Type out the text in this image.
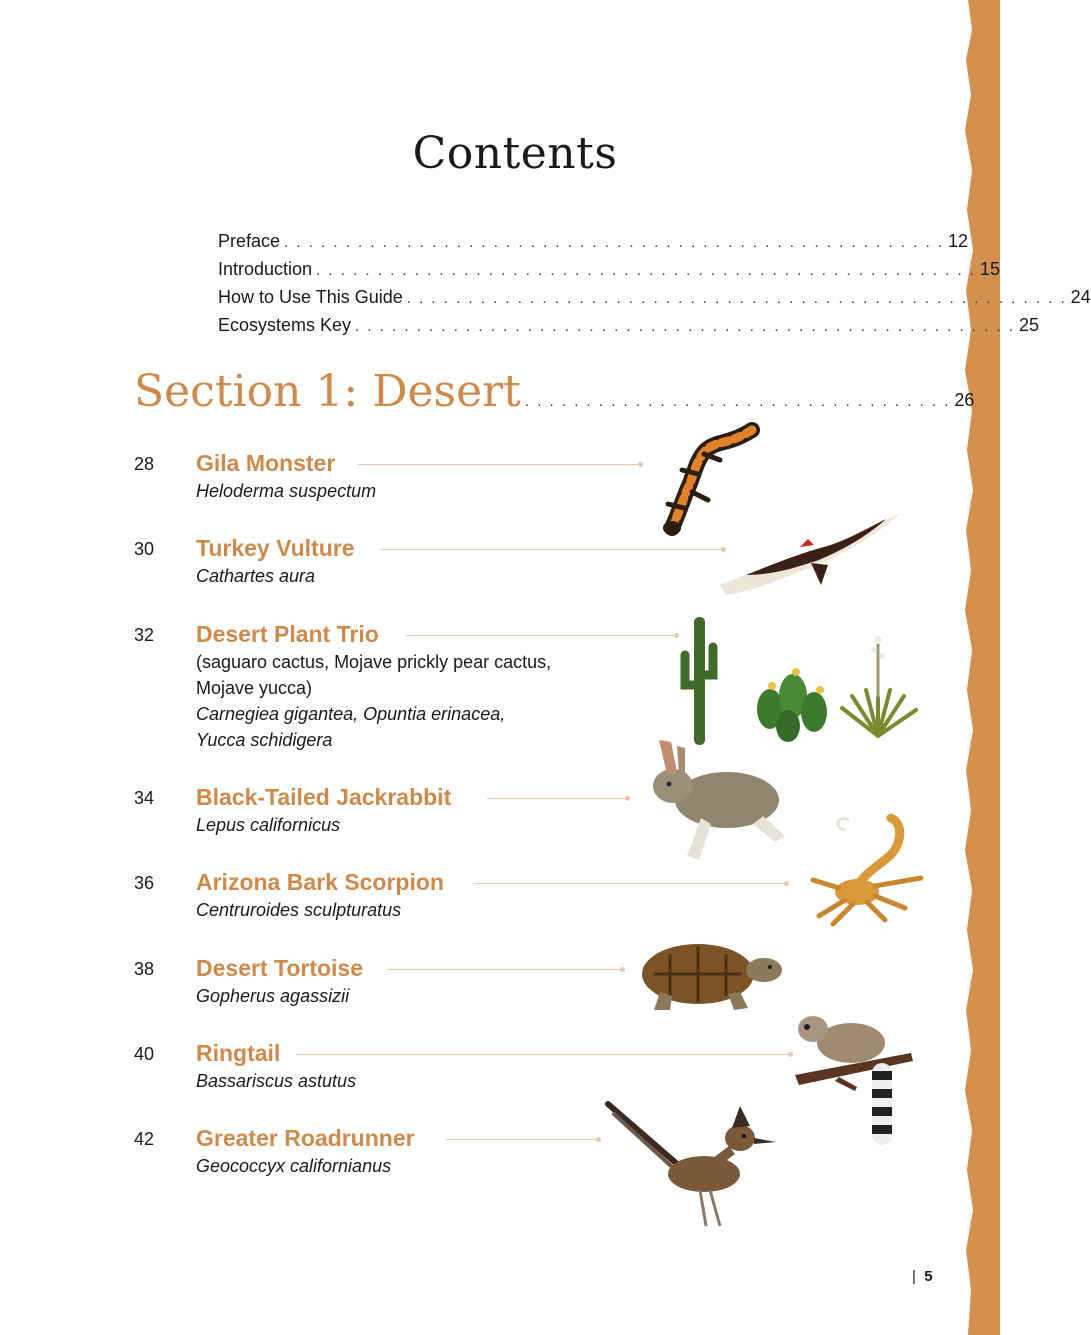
Contents
Preface . . . . . . . . . . . . . . . . . . . . . . . . . . . . . . . . . . . . . . . . . . . . . . . . . . . . . . 12
Introduction . . . . . . . . . . . . . . . . . . . . . . . . . . . . . . . . . . . . . . . . . . . . . . . . . . . . . . 15
How to Use This Guide . . . . . . . . . . . . . . . . . . . . . . . . . . . . . . . . . . . . . . . . . . . . . . . . . . . . . . 24
Ecosystems Key . . . . . . . . . . . . . . . . . . . . . . . . . . . . . . . . . . . . . . . . . . . . . . . . . . . . . . 25
Section 1: Desert . . . . . . . . . . . . . . . . . . . . . . . . . . . . . . . . . . . 26
28 Gila Monster
Heloderma suspectum
30 Turkey Vulture
Cathartes aura
32 Desert Plant Trio
(saguaro cactus, Mojave prickly pear cactus,
Mojave yucca)
Carnegiea gigantea, Opuntia erinacea,
Yucca schidigera
34 Black-Tailed Jackrabbit
Lepus californicus
36 Arizona Bark Scorpion
Centruroides sculpturatus
38 Desert Tortoise
Gopherus agassizii
40 Ringtail
Bassariscus astutus
42 Greater Roadrunner
Geococcyx californianus
| 5
